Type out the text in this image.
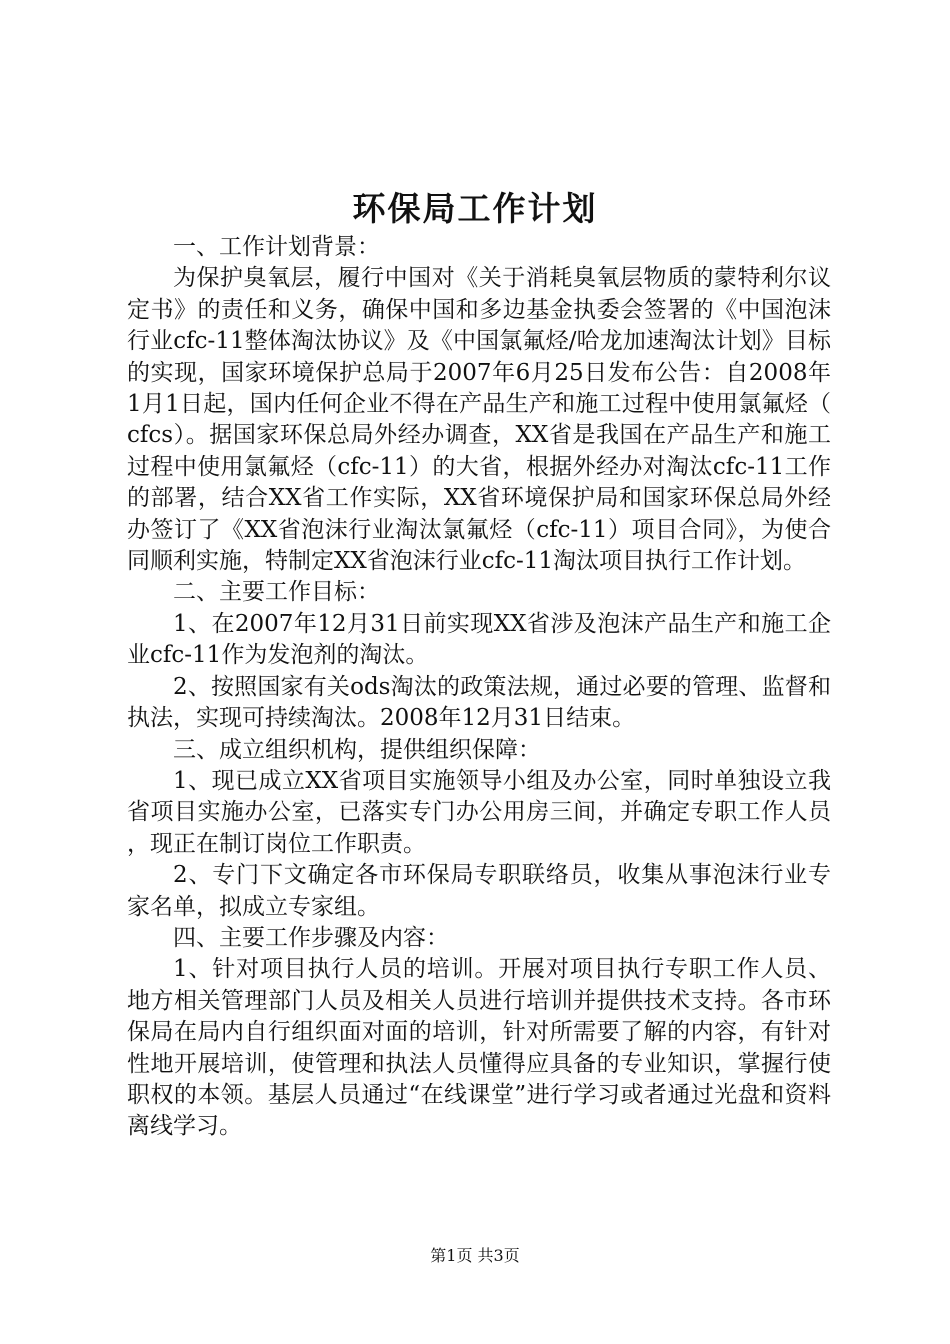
环保局工作计划

一、工作计划背景：

为保护臭氧层，履行中国对《关于消耗臭氧层物质的蒙特利尔议定书》的责任和义务，确保中国和多边基金执委会签署的《中国泡沫行业cfc-11整体淘汰协议》及《中国氯氟烃/哈龙加速淘汰计划》目标的实现，国家环境保护总局于2007年6月25日发布公告：自2008年1月1日起，国内任何企业不得在产品生产和施工过程中使用氯氟烃（cfcs）。据国家环保总局外经办调查，XX省是我国在产品生产和施工过程中使用氯氟烃（cfc-11）的大省，根据外经办对淘汰cfc-11工作的部署，结合XX省工作实际，XX省环境保护局和国家环保总局外经办签订了《XX省泡沫行业淘汰氯氟烃（cfc-11）项目合同》，为使合同顺利实施，特制定XX省泡沫行业cfc-11淘汰项目执行工作计划。

二、主要工作目标：

1、在2007年12月31日前实现XX省涉及泡沫产品生产和施工企业cfc-11作为发泡剂的淘汰。

2、按照国家有关ods淘汰的政策法规，通过必要的管理、监督和执法，实现可持续淘汰。2008年12月31日结束。

三、成立组织机构，提供组织保障：

1、现已成立XX省项目实施领导小组及办公室，同时单独设立我省项目实施办公室，已落实专门办公用房三间，并确定专职工作人员，现正在制订岗位工作职责。

2、专门下文确定各市环保局专职联络员，收集从事泡沫行业专家名单，拟成立专家组。

四、主要工作步骤及内容：

1、针对项目执行人员的培训。开展对项目执行专职工作人员、地方相关管理部门人员及相关人员进行培训并提供技术支持。各市环保局在局内自行组织面对面的培训，针对所需要了解的内容，有针对性地开展培训，使管理和执法人员懂得应具备的专业知识，掌握行使职权的本领。基层人员通过“在线课堂”进行学习或者通过光盘和资料离线学习。

第1页 共3页
